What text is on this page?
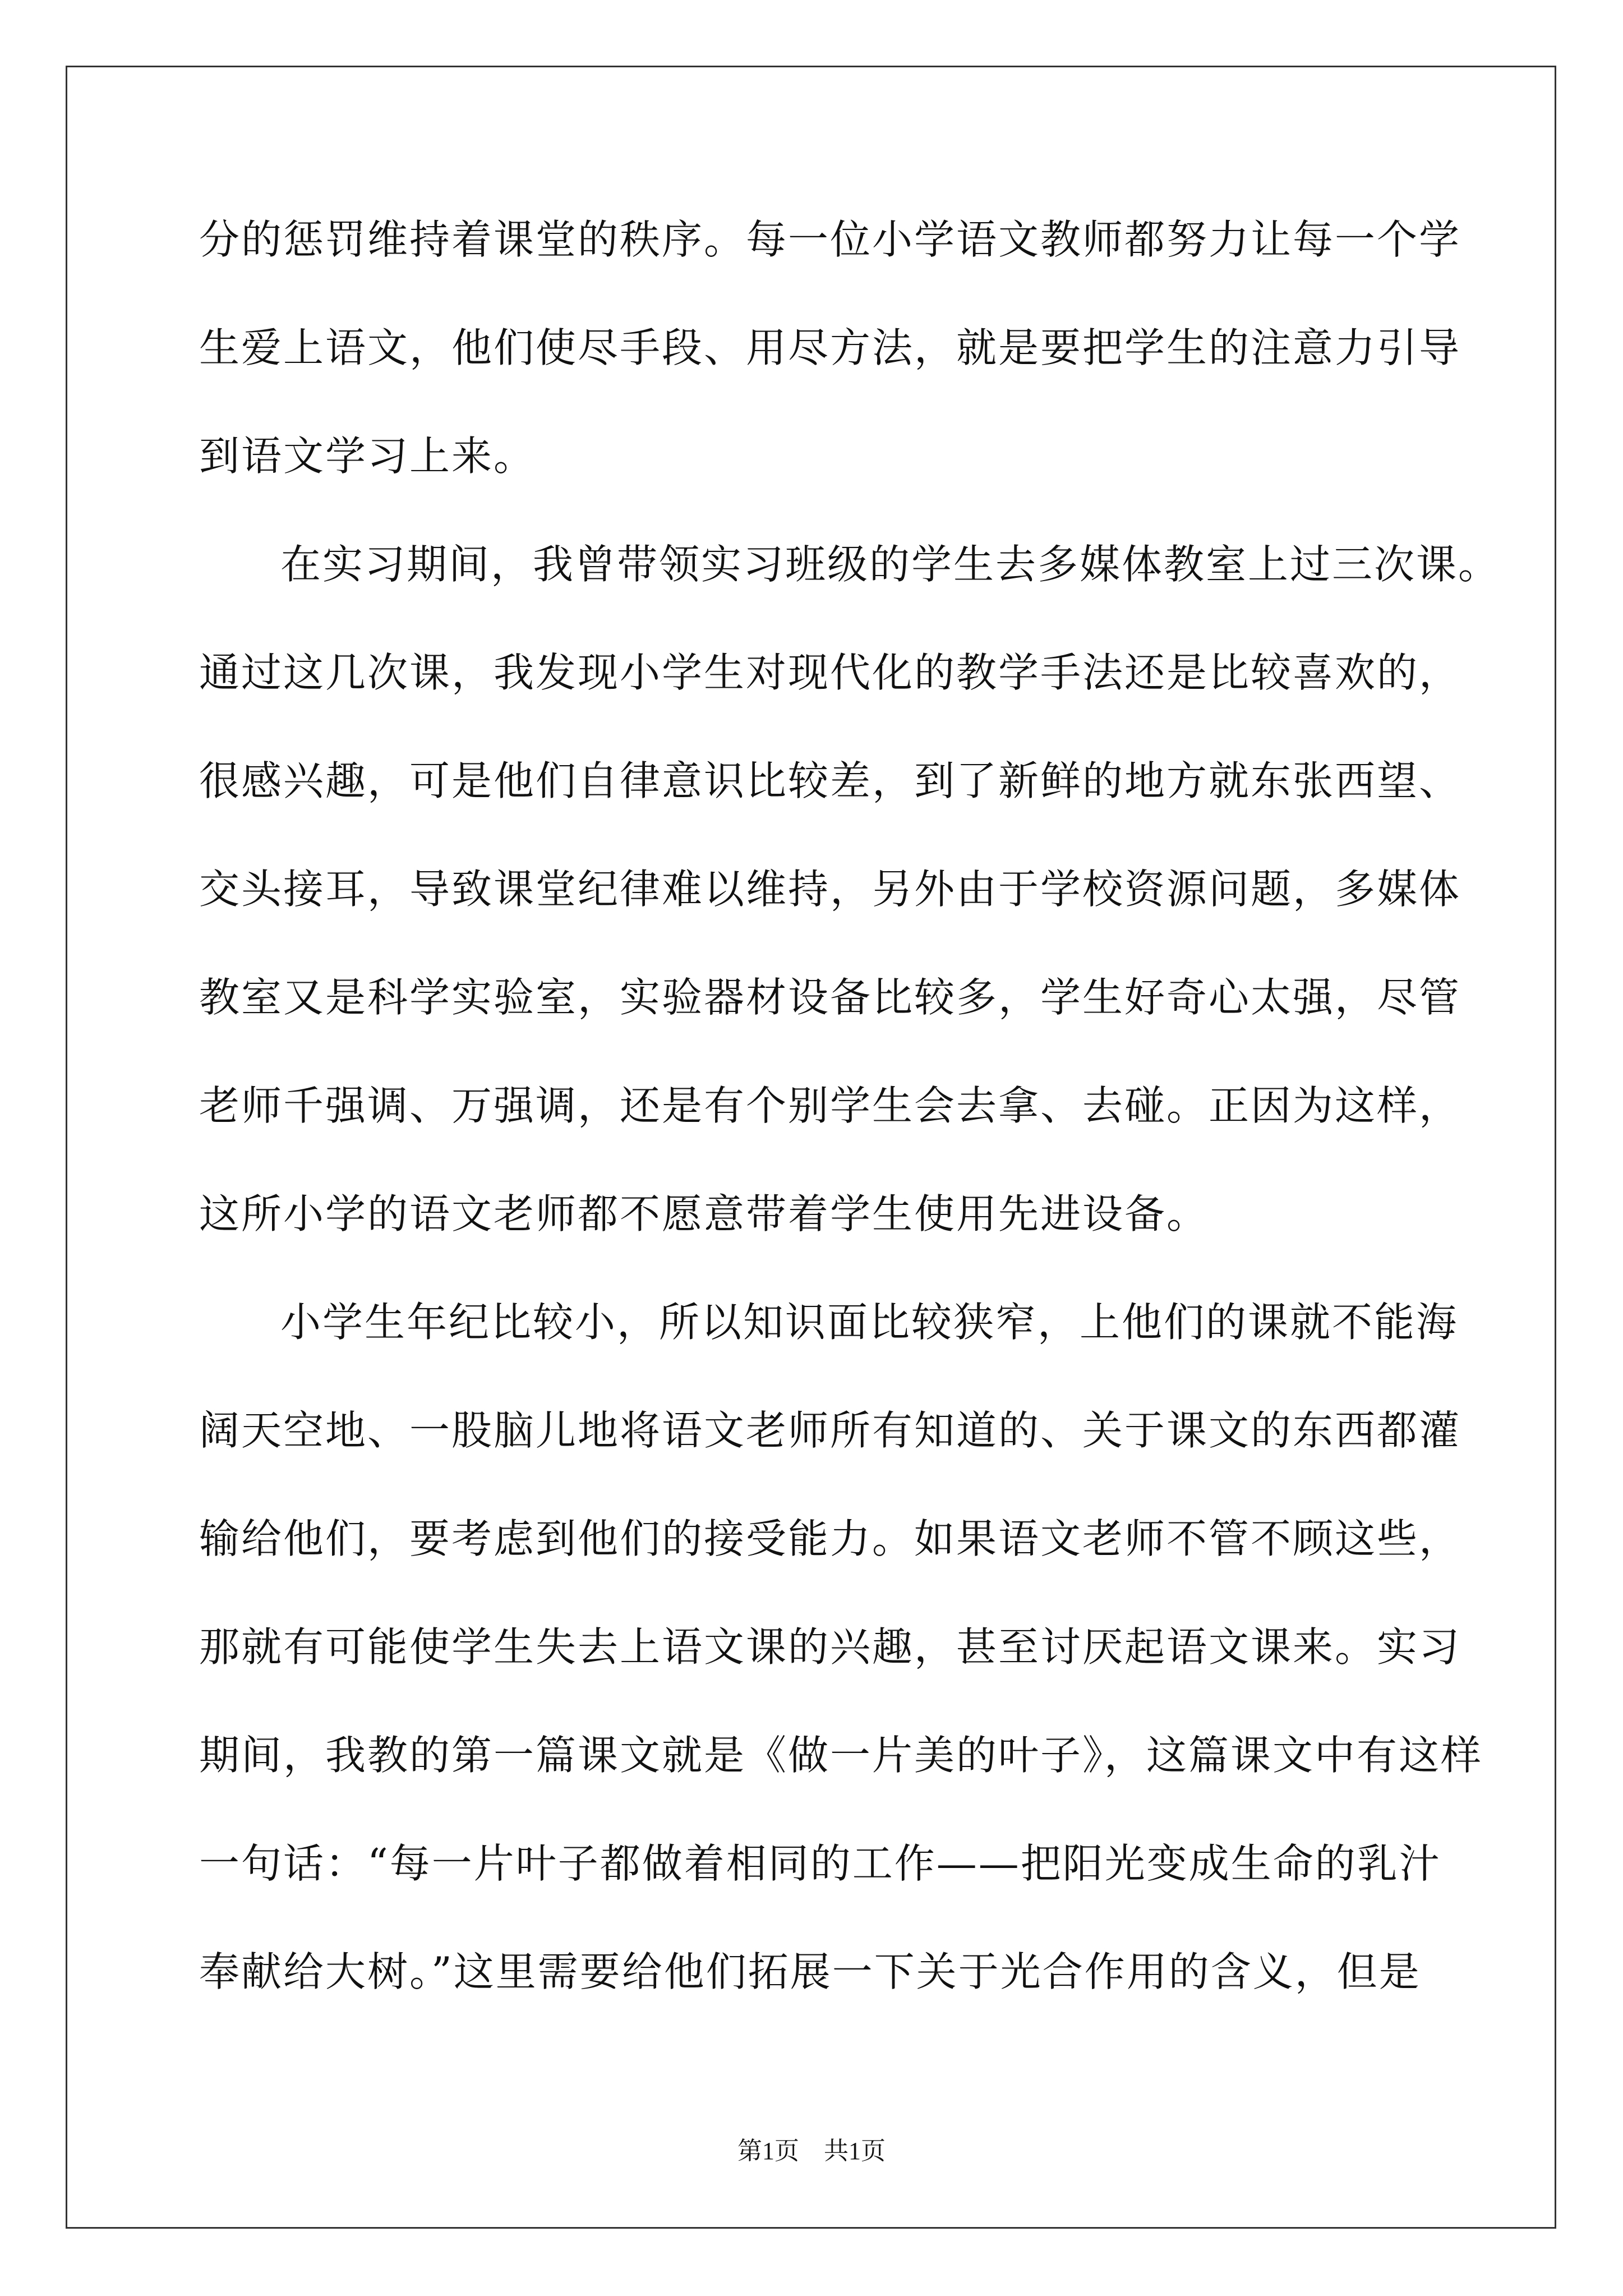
分的惩罚维持着课堂的秩序。每一位小学语文教师都努力让每一个学
生爱上语文，他们使尽手段、用尽方法，就是要把学生的注意力引导
到语文学习上来。
在实习期间，我曾带领实习班级的学生去多媒体教室上过三次课。
通过这几次课，我发现小学生对现代化的教学手法还是比较喜欢的，
很感兴趣，可是他们自律意识比较差，到了新鲜的地方就东张西望、
交头接耳，导致课堂纪律难以维持，另外由于学校资源问题，多媒体
教室又是科学实验室，实验器材设备比较多，学生好奇心太强，尽管
老师千强调、万强调，还是有个别学生会去拿、去碰。正因为这样，
这所小学的语文老师都不愿意带着学生使用先进设备。
小学生年纪比较小，所以知识面比较狭窄，上他们的课就不能海
阔天空地、一股脑儿地将语文老师所有知道的、关于课文的东西都灌
输给他们，要考虑到他们的接受能力。如果语文老师不管不顾这些，
那就有可能使学生失去上语文课的兴趣，甚至讨厌起语文课来。实习
期间，我教的第一篇课文就是《做一片美的叶子》，这篇课文中有这样
一句话：“每一片叶子都做着相同的工作——把阳光变成生命的乳汁
奉献给大树。”这里需要给他们拓展一下关于光合作用的含义，但是
第1页 共1页
